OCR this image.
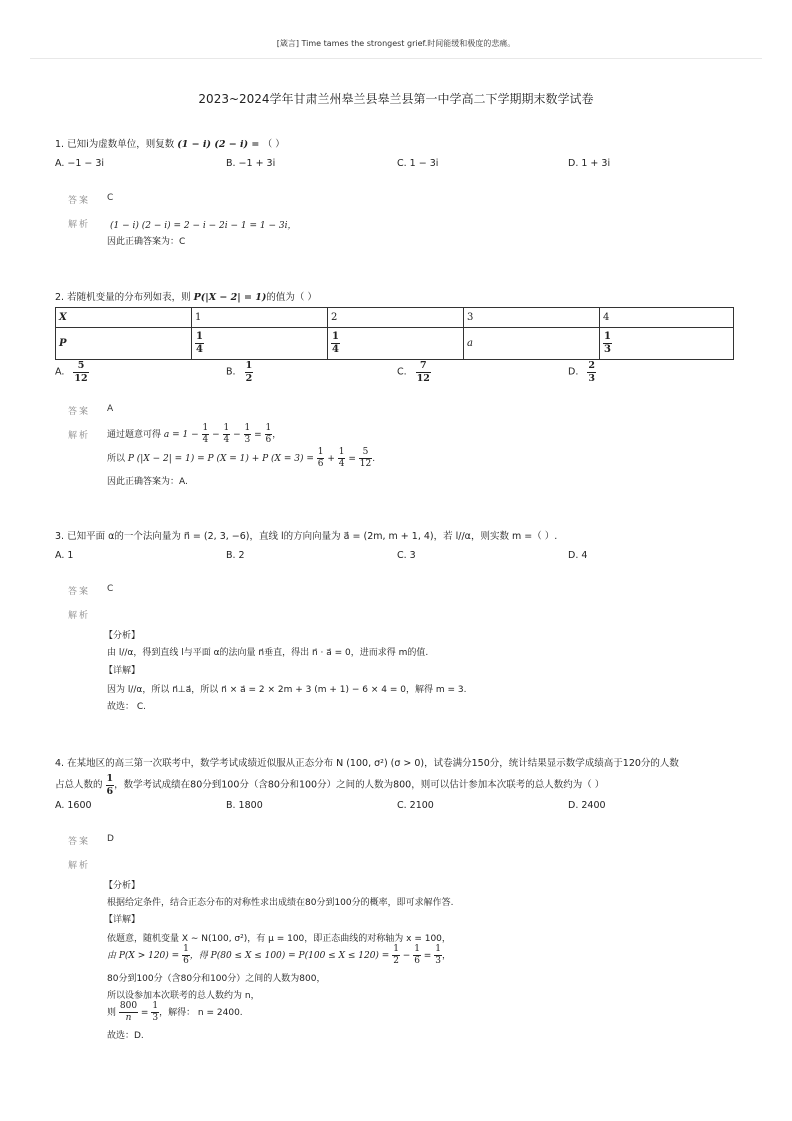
[箴言] Time tames the strongest grief.时间能缓和极度的悲痛。
2023~2024学年甘肃兰州皋兰县皋兰县第一中学高二下学期期末数学试卷
1. 已知i为虚数单位，则复数 (1 − i) (2 − i) = （ ）
A. −1 − 3i	B. −1 + 3i	C. 1 − 3i	D. 1 + 3i
答案 C
解析 (1 − i) (2 − i) = 2 − i − 2i − 1 = 1 − 3i，
因此正确答案为：C
2. 若随机变量的分布列如表，则 P(|X − 2| = 1)的值为（ ）
X	1	2	3	4
P	$\frac{1}{4}$	$\frac{1}{4}$	a	$\frac{1}{3}$
A. $\frac{5}{12}$	B. $\frac{1}{2}$	C. $\frac{7}{12}$	D. $\frac{2}{3}$
答案 A
解析 通过题意可得 $a = 1 - \frac{1}{4} - \frac{1}{4} - \frac{1}{3} = \frac{1}{6}$ ，
所以 P (|X − 2| = 1) = P (X = 1) + P $(X = 3) = \frac{1}{6} + \frac{1}{4} = \frac{5}{12}$ .
因此正确答案为：A.
3. 已知平面 α的一个法向量为 n⃗ = (2, 3, −6)，直线 l的方向向量为 a⃗ = (2m, m + 1, 4)，若 l//α，则实数 m =（ ）.
A. 1	B. 2	C. 3	D. 4
答案 C
解析
【分析】
由 l//α，得到直线 l与平面 α的法向量 n⃗垂直，得出 n⃗ · a⃗ = 0，进而求得 m的值.
【详解】
因为 l//α，所以 n⃗⊥a⃗，所以 n⃗ × a⃗ = 2 × 2m + 3 (m + 1) − 6 × 4 = 0，解得 m = 3.
故选： C.
4. 在某地区的高三第一次联考中，数学考试成绩近似服从正态分布 N (100, σ²) (σ > 0)，试卷满分150分，统计结果显示数学成绩高于120分的人数
占总人数的 $\frac{1}{6}$ ，数学考试成绩在80分到100分（含80分和100分）之间的人数为800，则可以估计参加本次联考的总人数约为（ ）
A. 1600	B. 1800	C. 2100	D. 2400
答案 D
解析
【分析】
根据给定条件，结合正态分布的对称性求出成绩在80分到100分的概率，即可求解作答.
【详解】
依题意，随机变量 X ∼ N(100, σ²)，有 μ = 100，即正态曲线的对称轴为 x = 100，
由 $P(X > 120) = \frac{1}{6}$ ，得 $P(80 \le X \le 100) = P(100 \le X \le 120) = \frac{1}{2} - \frac{1}{6} = \frac{1}{3}$ ，
80分到100分（含80分和100分）之间的人数为800，
所以设参加本次联考的总人数约为 n，
则 $\frac{800}{n} = \frac{1}{3}$ ，解得： n = 2400.
故选：D.
